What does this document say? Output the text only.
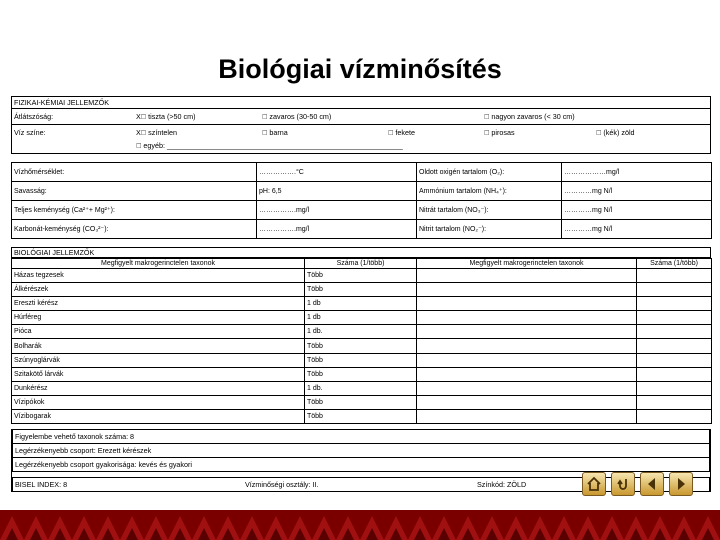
Biológiai vízminősítés
FIZIKAI-KÉMIAI JELLEMZŐK
Átlátszóság:	X  tiszta (>50 cm)	  zavaros (30-50 cm)	  nagyon zavaros (< 30 cm)
Víz színe:	X  színtelen	  barna	  fekete	  pirosas	  (kék) zöld
  egyéb: ___________________________________________________________
Vízhőmérséklet:	…………….°C	Oldott oxigén tartalom (O₂):	………………mg/l
Savasság:	pH: 6,5	Ammónium tartalom (NH₄⁺):	…………mg N/l
Teljes keménység (Ca²⁺+ Mg²⁺):	…………….mg/l	Nitrát tartalom (NO₃⁻):	…………mg N/l
Karbonát-keménység (CO₃²⁻):	…………….mg/l	Nitrit tartalom (NO₂⁻):	…………mg N/l
BIOLÓGIAI JELLEMZŐK
Megfigyelt makrogerinctelen taxonok	Száma (1/több)	Megfigyelt makrogerinctelen taxonok	Száma (1/több)
Házas tegzesek	Több		
Álkérészek	Több		
Ereszti kérész	1 db		
Húrféreg	1 db		
Pióca	1 db.		
Bolharák	Több		
Szúnyoglárvák	Több		
Szitakötő lárvák	Több		
Dunkérész	1 db.		
Vízipókok	Több		
Vízibogarak	Több		
Figyelembe vehető taxonok száma: 8
Legérzékenyebb csoport: Erezett kérészek
Legérzékenyebb csoport gyakorisága: kevés és gyakori
BISEL INDEX: 8	Vízminőségi osztály: II.	Színkód: ZÖLD
